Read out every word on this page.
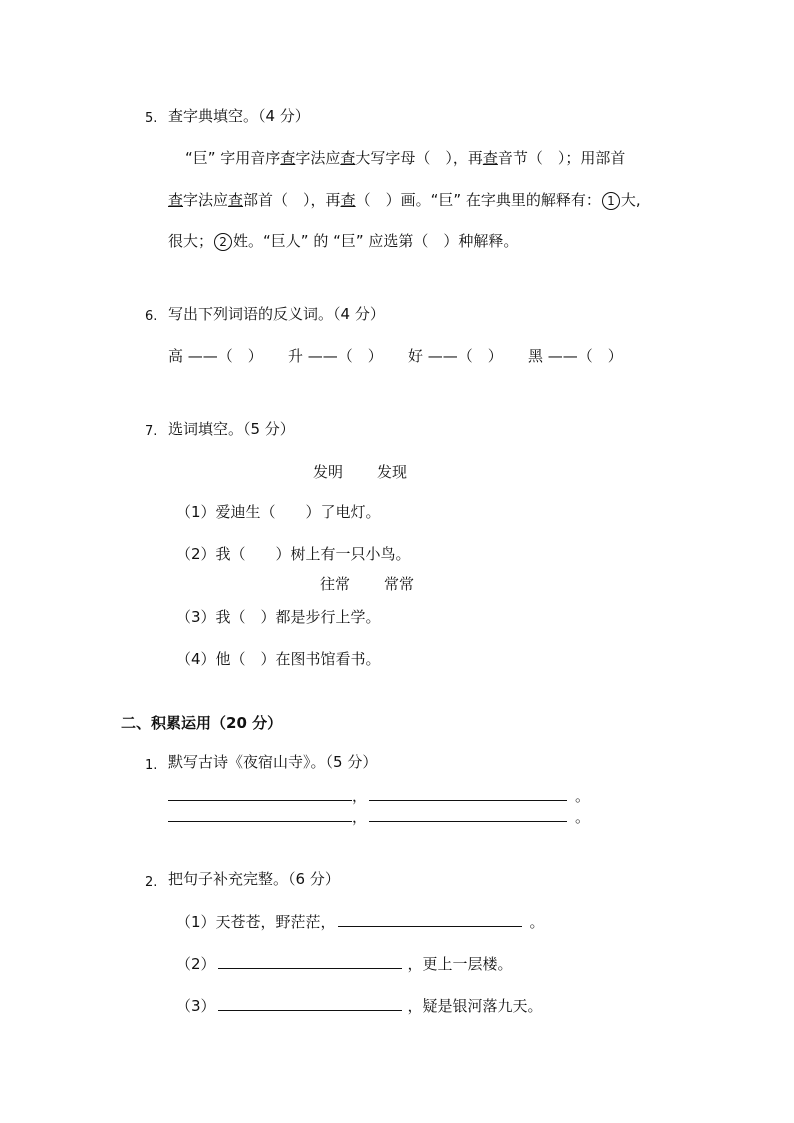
5. 查字典填空。（4 分）
“巨” 字用音序查字法应查大写字母（　），再查音节（　）；用部首
查字法应查部首（　），再查（　）画。“巨” 在字典里的解释有： 1 大,
很大； 2 姓。“巨人” 的 “巨” 应选第（　）种解释。
6. 写出下列词语的反义词。（4 分）
高 ——（　） 升 ——（　） 好 ——（　） 黑 ——（　）
7. 选词填空。（5 分）
发明 发现
（1）爱迪生（　　）了电灯。
（2）我（　　）树上有一只小鸟。
往常 常常
（3）我（　）都是步行上学。
（4）他（　）在图书馆看书。
二、积累运用（20 分）
1. 默写古诗《夜宿山寺》。（5 分）
，	。
，	。
2. 把句子补充完整。（6 分）
（1）天苍苍，野茫茫，	。
（2）	，更上一层楼。
（3）	，疑是银河落九天。
